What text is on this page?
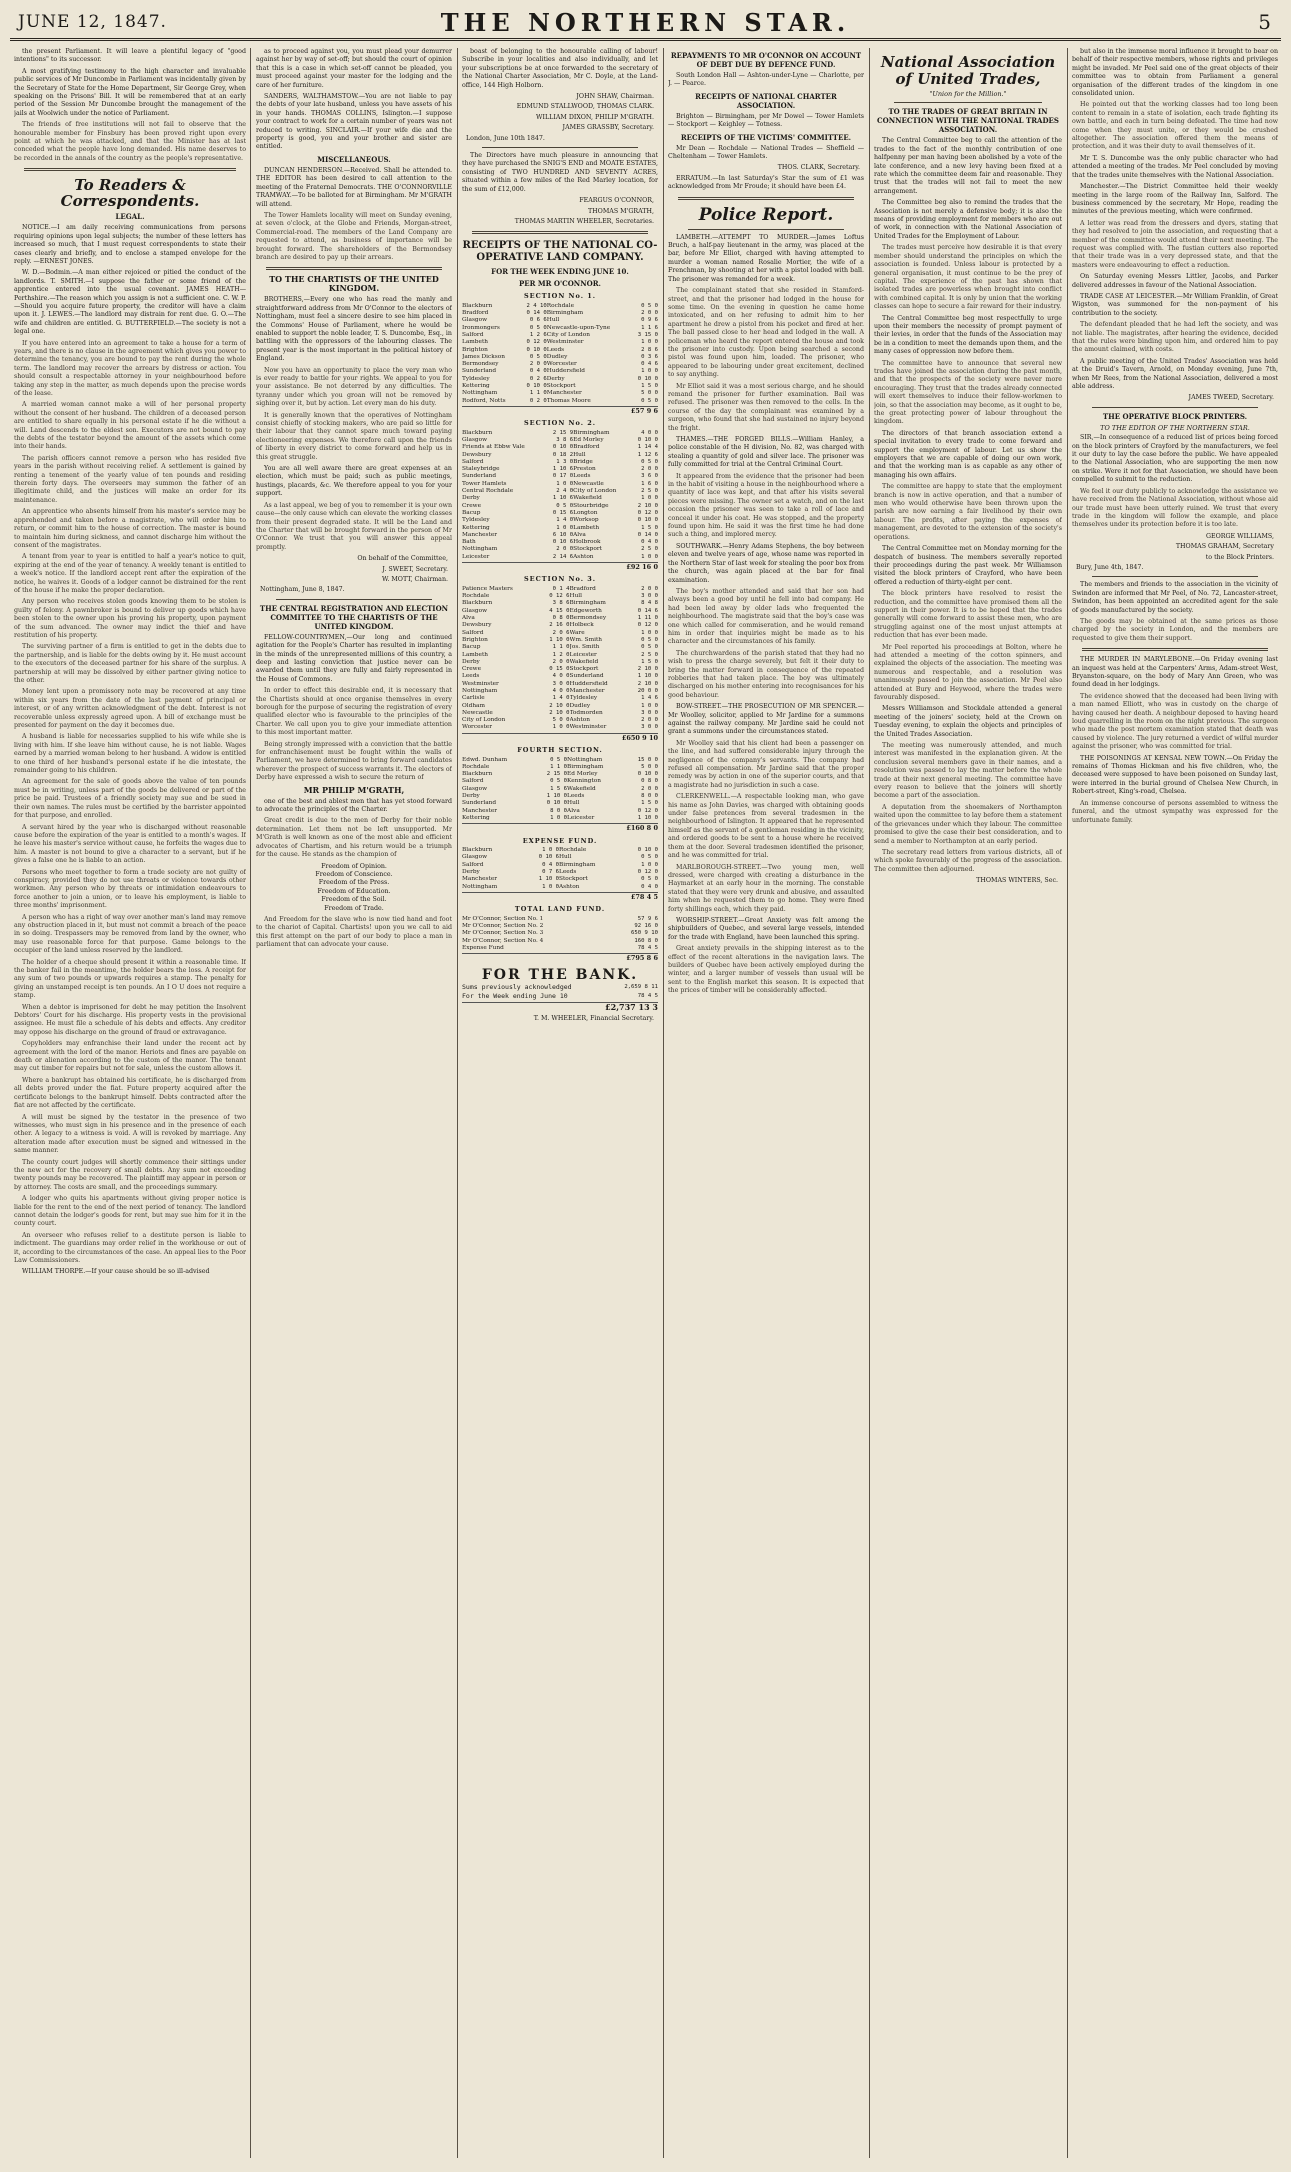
JUNE 12, 1847.	THE NORTHERN STAR.	5

the present Parliament. It will leave a plentiful legacy of "good intentions" to its successor.

A most gratifying testimony to the high character and invaluable public services of Mr Duncombe in Parliament was incidentally given by the Secretary of State for the Home Department, Sir George Grey, when speaking on the Prisons' Bill. It will be remembered that at an early period of the Session Mr Duncombe brought the management of the jails at Woolwich under the notice of Parliament.

The friends of free institutions will not fail to observe that the honourable member for Finsbury has been proved right upon every point at which he was attacked, and that the Minister has at last conceded what the people have long demanded. His name deserves to be recorded in the annals of the country as the people's representative.

To Readers & Correspondents.
LEGAL.

NOTICE.—I am daily receiving communications from persons requiring opinions upon legal subjects; the number of these letters has increased so much, that I must request correspondents to state their cases clearly and briefly, and to enclose a stamped envelope for the reply. —ERNEST JONES.

W. D.—Bodmin.—A man either rejoiced or pitied the conduct of the landlords. T. SMITH.—I suppose the father or some friend of the apprentice entered into the usual covenant. JAMES HEATH—Perthshire.—The reason which you assign is not a sufficient one. C. W. P.—Should you acquire future property, the creditor will have a claim upon it. J. LEWES.—The landlord may distrain for rent due. G. O.—The wife and children are entitled. G. BUTTERFIELD.—The society is not a legal one.

If you have entered into an agreement to take a house for a term of years, and there is no clause in the agreement which gives you power to determine the tenancy, you are bound to pay the rent during the whole term. The landlord may recover the arrears by distress or action. You should consult a respectable attorney in your neighbourhood before taking any step in the matter, as much depends upon the precise words of the lease.

A married woman cannot make a will of her personal property without the consent of her husband. The children of a deceased person are entitled to share equally in his personal estate if he die without a will. Land descends to the eldest son. Executors are not bound to pay the debts of the testator beyond the amount of the assets which come into their hands.

The parish officers cannot remove a person who has resided five years in the parish without receiving relief. A settlement is gained by renting a tenement of the yearly value of ten pounds and residing therein forty days. The overseers may summon the father of an illegitimate child, and the justices will make an order for its maintenance.

An apprentice who absents himself from his master's service may be apprehended and taken before a magistrate, who will order him to return, or commit him to the house of correction. The master is bound to maintain him during sickness, and cannot discharge him without the consent of the magistrates.

A tenant from year to year is entitled to half a year's notice to quit, expiring at the end of the year of tenancy. A weekly tenant is entitled to a week's notice. If the landlord accept rent after the expiration of the notice, he waives it. Goods of a lodger cannot be distrained for the rent of the house if he make the proper declaration.

Any person who receives stolen goods knowing them to be stolen is guilty of felony. A pawnbroker is bound to deliver up goods which have been stolen to the owner upon his proving his property, upon payment of the sum advanced. The owner may indict the thief and have restitution of his property.

The surviving partner of a firm is entitled to get in the debts due to the partnership, and is liable for the debts owing by it. He must account to the executors of the deceased partner for his share of the surplus. A partnership at will may be dissolved by either partner giving notice to the other.

Money lent upon a promissory note may be recovered at any time within six years from the date of the last payment of principal or interest, or of any written acknowledgment of the debt. Interest is not recoverable unless expressly agreed upon. A bill of exchange must be presented for payment on the day it becomes due.

A husband is liable for necessaries supplied to his wife while she is living with him. If she leave him without cause, he is not liable. Wages earned by a married woman belong to her husband. A widow is entitled to one third of her husband's personal estate if he die intestate, the remainder going to his children.

An agreement for the sale of goods above the value of ten pounds must be in writing, unless part of the goods be delivered or part of the price be paid. Trustees of a friendly society may sue and be sued in their own names. The rules must be certified by the barrister appointed for that purpose, and enrolled.

A servant hired by the year who is discharged without reasonable cause before the expiration of the year is entitled to a month's wages. If he leave his master's service without cause, he forfeits the wages due to him. A master is not bound to give a character to a servant, but if he gives a false one he is liable to an action.

Persons who meet together to form a trade society are not guilty of conspiracy, provided they do not use threats or violence towards other workmen. Any person who by threats or intimidation endeavours to force another to join a union, or to leave his employment, is liable to three months' imprisonment.

A person who has a right of way over another man's land may remove any obstruction placed in it, but must not commit a breach of the peace in so doing. Trespassers may be removed from land by the owner, who may use reasonable force for that purpose. Game belongs to the occupier of the land unless reserved by the landlord.

The holder of a cheque should present it within a reasonable time. If the banker fail in the meantime, the holder bears the loss. A receipt for any sum of two pounds or upwards requires a stamp. The penalty for giving an unstamped receipt is ten pounds. An I O U does not require a stamp.

When a debtor is imprisoned for debt he may petition the Insolvent Debtors' Court for his discharge. His property vests in the provisional assignee. He must file a schedule of his debts and effects. Any creditor may oppose his discharge on the ground of fraud or extravagance.

Copyholders may enfranchise their land under the recent act by agreement with the lord of the manor. Heriots and fines are payable on death or alienation according to the custom of the manor. The tenant may cut timber for repairs but not for sale, unless the custom allows it.

Where a bankrupt has obtained his certificate, he is discharged from all debts proved under the fiat. Future property acquired after the certificate belongs to the bankrupt himself. Debts contracted after the fiat are not affected by the certificate.

A will must be signed by the testator in the presence of two witnesses, who must sign in his presence and in the presence of each other. A legacy to a witness is void. A will is revoked by marriage. Any alteration made after execution must be signed and witnessed in the same manner.

The county court judges will shortly commence their sittings under the new act for the recovery of small debts. Any sum not exceeding twenty pounds may be recovered. The plaintiff may appear in person or by attorney. The costs are small, and the proceedings summary.

A lodger who quits his apartments without giving proper notice is liable for the rent to the end of the next period of tenancy. The landlord cannot detain the lodger's goods for rent, but may sue him for it in the county court.

An overseer who refuses relief to a destitute person is liable to indictment. The guardians may order relief in the workhouse or out of it, according to the circumstances of the case. An appeal lies to the Poor Law Commissioners.

WILLIAM THORPE.—If your cause should be so ill-advised

as to proceed against you, you must plead your demurrer against her by way of set-off; but should the court of opinion that this is a case in which set-off cannot be pleaded, you must proceed against your master for the lodging and the care of her furniture.

SANDERS, WALTHAMSTOW.—You are not liable to pay the debts of your late husband, unless you have assets of his in your hands. THOMAS COLLINS, Islington.—I suppose your contract to work for a certain number of years was not reduced to writing. SINCLAIR.—If your wife die and the property is good, you and your brother and sister are entitled.

MISCELLANEOUS.

DUNCAN HENDERSON.—Received. Shall be attended to. THE EDITOR has been desired to call attention to the meeting of the Fraternal Democrats. THE O'CONNORVILLE TRAMWAY.—To be balloted for at Birmingham. Mr M'GRATH will attend.

The Tower Hamlets locality will meet on Sunday evening, at seven o'clock, at the Globe and Friends, Morgan-street, Commercial-road. The members of the Land Company are requested to attend, as business of importance will be brought forward. The shareholders of the Bermondsey branch are desired to pay up their arrears.

TO THE CHARTISTS OF THE UNITED KINGDOM.

BROTHERS,—Every one who has read the manly and straightforward address from Mr O'Connor to the electors of Nottingham, must feel a sincere desire to see him placed in the Commons' House of Parliament, where he would be enabled to support the noble leader, T. S. Duncombe, Esq., in battling with the oppressors of the labouring classes. The present year is the most important in the political history of England.

Now you have an opportunity to place the very man who is ever ready to battle for your rights. We appeal to you for your assistance. Be not deterred by any difficulties. The tyranny under which you groan will not be removed by sighing over it, but by action. Let every man do his duty.

It is generally known that the operatives of Nottingham consist chiefly of stocking makers, who are paid so little for their labour that they cannot spare much toward paying electioneering expenses. We therefore call upon the friends of liberty in every district to come forward and help us in this great struggle.

You are all well aware there are great expenses at an election, which must be paid; such as public meetings, hustings, placards, &c. We therefore appeal to you for your support.

As a last appeal, we beg of you to remember it is your own cause—the only cause which can elevate the working classes from their present degraded state. It will be the Land and the Charter that will be brought forward in the person of Mr O'Connor. We trust that you will answer this appeal promptly.

On behalf of the Committee,
J. SWEET, Secretary.
W. MOTT, Chairman.
Nottingham, June 8, 1847.
THE CENTRAL REGISTRATION AND ELECTION COMMITTEE TO THE CHARTISTS OF THE UNITED KINGDOM.

FELLOW-COUNTRYMEN,—Our long and continued agitation for the People's Charter has resulted in implanting in the minds of the unrepresented millions of this country, a deep and lasting conviction that justice never can be awarded them until they are fully and fairly represented in the House of Commons.

In order to effect this desirable end, it is necessary that the Chartists should at once organise themselves in every borough for the purpose of securing the registration of every qualified elector who is favourable to the principles of the Charter. We call upon you to give your immediate attention to this most important matter.

Being strongly impressed with a conviction that the battle for enfranchisement must be fought within the walls of Parliament, we have determined to bring forward candidates wherever the prospect of success warrants it. The electors of Derby have expressed a wish to secure the return of

MR PHILIP M'GRATH,

one of the best and ablest men that has yet stood forward to advocate the principles of the Charter.

Great credit is due to the men of Derby for their noble determination. Let them not be left unsupported. Mr M'Grath is well known as one of the most able and efficient advocates of Chartism, and his return would be a triumph for the cause. He stands as the champion of

Freedom of Opinion.
Freedom of Conscience.
Freedom of the Press.
Freedom of Education.
Freedom of the Soil.
Freedom of Trade.

And Freedom for the slave who is now tied hand and foot to the chariot of Capital. Chartists! upon you we call to aid this first attempt on the part of our body to place a man in parliament that can advocate your cause.

boast of belonging to the honourable calling of labour! Subscribe in your localities and also individually, and let your subscriptions be at once forwarded to the secretary of the National Charter Association, Mr C. Doyle, at the Land-office, 144 High Holborn.

JOHN SHAW, Chairman.
EDMUND STALLWOOD, THOMAS CLARK.
WILLIAM DIXON, PHILIP M'GRATH.
JAMES GRASSBY, Secretary.
London, June 10th 1847.

The Directors have much pleasure in announcing that they have purchased the SNIG'S END and MOATE ESTATES, consisting of TWO HUNDRED AND SEVENTY ACRES, situated within a few miles of the Red Marley location, for the sum of £12,000.

FEARGUS O'CONNOR,
THOMAS M'GRATH,
THOMAS MARTIN WHEELER, Secretaries.
RECEIPTS OF THE NATIONAL CO-OPERATIVE LAND COMPANY.
FOR THE WEEK ENDING JUNE 10.
PER MR O'CONNOR.
SECTION No. 1.
Blackburn	2 4 10	Rochdale	0 5 0
Bradford	0 14 0	Birmingham	2 0 0
Glasgow	0 6 6	Hull	0 9 6
Ironmongers	0 5 0	Newcastle-upon-Tyne	1 1 6
Salford	1 2 6	City of London	3 15 0
Lambeth	0 12 0	Westminster	1 0 0
Brighton	0 10 0	Leeds	2 8 6
James Dickson	0 5 0	Dudley	0 3 6
Bermondsey	2 0 0	Worcester	0 4 6
Sunderland	0 4 0	Huddersfield	1 0 0
Tyldesley	0 2 6	Derby	0 10 0
Kettering	0 10 0	Stockport	1 5 0
Nottingham	1 1 0	Manchester	5 0 0
Rodford, Notts	0 2 0	Thomas Moore	0 5 0
£57 9 6
SECTION No. 2.
Blackburn	2 15 9	Birmingham	4 0 0
Glasgow	3 8 6	Ed Morley	0 10 0
Friends at Ebbw Vale	0 10 0	Bradford	1 14 4
Dewsbury	0 18 2	Hull	1 12 6
Salford	1 3 0	Bridge	0 5 0
Staleybridge	1 10 6	Preston	2 0 0
Sunderland	0 17 0	Leeds	3 6 0
Tower Hamlets	1 0 0	Newcastle	1 6 0
Central Rochdale	2 4 0	City of London	2 5 0
Derby	1 10 6	Wakefield	1 0 0
Crewe	0 5 0	Stourbridge	2 10 0
Bacup	0 15 6	Longton	0 12 0
Tyldesley	1 4 0	Worksop	0 10 0
Kettering	1 0 0	Lambeth	1 5 0
Manchester	6 10 0	Alva	0 14 0
Bath	0 10 6	Holbrook	0 4 0
Nottingham	2 0 0	Stockport	2 5 0
Leicester	2 14 6	Ashton	1 0 0
£92 16 0
SECTION No. 3.
Patience Masters	0 1 4	Bradford	2 0 0
Rochdale	0 12 6	Hull	3 0 0
Blackburn	3 8 6	Birmingham	8 4 8
Glasgow	4 15 0	Edgeworth	0 14 6
Alva	0 8 0	Bermondsey	1 11 0
Dewsbury	2 16 0	Holbeck	0 12 0
Salford	2 0 6	Ware	1 0 0
Brighton	1 10 0	Wm. Smith	0 5 0
Bacup	1 1 0	Jos. Smith	0 5 0
Lambeth	1 2 0	Leicester	2 5 0
Derby	2 0 0	Wakefield	1 5 0
Crewe	0 15 0	Stockport	2 10 0
Leeds	4 0 0	Sunderland	1 10 0
Westminster	3 0 0	Huddersfield	2 10 0
Nottingham	4 0 0	Manchester	20 0 0
Carlisle	1 4 0	Tyldesley	1 4 6
Oldham	2 10 0	Dudley	1 0 0
Newcastle	2 10 0	Todmorden	3 0 0
City of London	5 0 0	Ashton	2 0 0
Worcester	1 0 0	Westminster	3 0 0
£650 9 10
FOURTH SECTION.
Edwd. Dunham	0 5 0	Nottingham	15 0 0
Rochdale	1 1 0	Birmingham	5 0 0
Blackburn	2 15 0	Ed Morley	0 10 0
Salford	0 5 0	Kennington	0 8 0
Glasgow	1 5 6	Wakefield	2 0 0
Derby	1 10 0	Leeds	8 0 0
Sunderland	0 10 0	Hull	1 5 0
Manchester	8 0 0	Alva	0 12 0
Kettering	1 0 0	Leicester	1 10 0
£160 8 0
EXPENSE FUND.
Blackburn	1 0 0	Rochdale	0 10 0
Glasgow	0 10 6	Hull	0 5 0
Salford	0 4 0	Birmingham	1 0 0
Derby	0 7 6	Leeds	0 12 0
Manchester	1 10 0	Stockport	0 5 0
Nottingham	1 0 0	Ashton	0 4 0
£78 4 5
TOTAL LAND FUND.
Mr O'Connor, Section No. 1	57 9 6
Mr O'Connor, Section No. 2	92 16 0
Mr O'Connor, Section No. 3	650 9 10
Mr O'Connor, Section No. 4	160 8 0
Expense Fund	78 4 5
£795 8 6
FOR THE BANK.
Sums previously acknowledged	2,659 8 11
For the Week ending June 10	78 4 5
£2,737 13 3
T. M. WHEELER, Financial Secretary.
REPAYMENTS TO MR O'CONNOR ON ACCOUNT OF DEBT DUE BY DEFENCE FUND.

South London Hall — Ashton-under-Lyne — Charlotte, per J. — Pearce.

RECEIPTS OF NATIONAL CHARTER ASSOCIATION.

Brighton — Birmingham, per Mr Dowel — Tower Hamlets — Stockport — Keighley — Totness.

RECEIPTS OF THE VICTIMS' COMMITTEE.

Mr Dean — Rochdale — National Trades — Sheffield — Cheltenham — Tower Hamlets.

THOS. CLARK, Secretary.

ERRATUM.—In last Saturday's Star the sum of £1 was acknowledged from Mr Froude; it should have been £4.

Police Report.

LAMBETH.—ATTEMPT TO MURDER.—James Loftus Bruch, a half-pay lieutenant in the army, was placed at the bar, before Mr Elliot, charged with having attempted to murder a woman named Rosalie Mortier, the wife of a Frenchman, by shooting at her with a pistol loaded with ball. The prisoner was remanded for a week.

The complainant stated that she resided in Stamford-street, and that the prisoner had lodged in the house for some time. On the evening in question he came home intoxicated, and on her refusing to admit him to her apartment he drew a pistol from his pocket and fired at her. The ball passed close to her head and lodged in the wall. A policeman who heard the report entered the house and took the prisoner into custody. Upon being searched a second pistol was found upon him, loaded. The prisoner, who appeared to be labouring under great excitement, declined to say anything.

Mr Elliot said it was a most serious charge, and he should remand the prisoner for further examination. Bail was refused. The prisoner was then removed to the cells. In the course of the day the complainant was examined by a surgeon, who found that she had sustained no injury beyond the fright.

THAMES.—THE FORGED BILLS.—William Hanley, a police constable of the H division, No. 82, was charged with stealing a quantity of gold and silver lace. The prisoner was fully committed for trial at the Central Criminal Court.

It appeared from the evidence that the prisoner had been in the habit of visiting a house in the neighbourhood where a quantity of lace was kept, and that after his visits several pieces were missing. The owner set a watch, and on the last occasion the prisoner was seen to take a roll of lace and conceal it under his coat. He was stopped, and the property found upon him. He said it was the first time he had done such a thing, and implored mercy.

SOUTHWARK.—Henry Adams Stephens, the boy between eleven and twelve years of age, whose name was reported in the Northern Star of last week for stealing the poor box from the church, was again placed at the bar for final examination.

The boy's mother attended and said that her son had always been a good boy until he fell into bad company. He had been led away by older lads who frequented the neighbourhood. The magistrate said that the boy's case was one which called for commiseration, and he would remand him in order that inquiries might be made as to his character and the circumstances of his family.

The churchwardens of the parish stated that they had no wish to press the charge severely, but felt it their duty to bring the matter forward in consequence of the repeated robberies that had taken place. The boy was ultimately discharged on his mother entering into recognisances for his good behaviour.

BOW-STREET.—THE PROSECUTION OF MR SPENCER.—Mr Woolley, solicitor, applied to Mr Jardine for a summons against the railway company. Mr Jardine said he could not grant a summons under the circumstances stated.

Mr Woolley said that his client had been a passenger on the line, and had suffered considerable injury through the negligence of the company's servants. The company had refused all compensation. Mr Jardine said that the proper remedy was by action in one of the superior courts, and that a magistrate had no jurisdiction in such a case.

CLERKENWELL.—A respectable looking man, who gave his name as John Davies, was charged with obtaining goods under false pretences from several tradesmen in the neighbourhood of Islington. It appeared that he represented himself as the servant of a gentleman residing in the vicinity, and ordered goods to be sent to a house where he received them at the door. Several tradesmen identified the prisoner, and he was committed for trial.

MARLBOROUGH-STREET.—Two young men, well dressed, were charged with creating a disturbance in the Haymarket at an early hour in the morning. The constable stated that they were very drunk and abusive, and assaulted him when he requested them to go home. They were fined forty shillings each, which they paid.

WORSHIP-STREET.—Great Anxiety was felt among the shipbuilders of Quebec, and several large vessels, intended for the trade with England, have been launched this spring.

Great anxiety prevails in the shipping interest as to the effect of the recent alterations in the navigation laws. The builders of Quebec have been actively employed during the winter, and a larger number of vessels than usual will be sent to the English market this season. It is expected that the prices of timber will be considerably affected.

National Association of United Trades,
"Union for the Million."
TO THE TRADES OF GREAT BRITAIN IN CONNECTION WITH THE NATIONAL TRADES ASSOCIATION.

The Central Committee beg to call the attention of the trades to the fact of the monthly contribution of one halfpenny per man having been abolished by a vote of the late conference, and a new levy having been fixed at a rate which the committee deem fair and reasonable. They trust that the trades will not fail to meet the new arrangement.

The Committee beg also to remind the trades that the Association is not merely a defensive body; it is also the means of providing employment for members who are out of work, in connection with the National Association of United Trades for the Employment of Labour.

The trades must perceive how desirable it is that every member should understand the principles on which the association is founded. Unless labour is protected by a general organisation, it must continue to be the prey of capital. The experience of the past has shown that isolated trades are powerless when brought into conflict with combined capital. It is only by union that the working classes can hope to secure a fair reward for their industry.

The Central Committee beg most respectfully to urge upon their members the necessity of prompt payment of their levies, in order that the funds of the Association may be in a condition to meet the demands upon them, and the many cases of oppression now before them.

The committee have to announce that several new trades have joined the association during the past month, and that the prospects of the society were never more encouraging. They trust that the trades already connected will exert themselves to induce their fellow-workmen to join, so that the association may become, as it ought to be, the great protecting power of labour throughout the kingdom.

The directors of that branch association extend a special invitation to every trade to come forward and support the employment of labour. Let us show the employers that we are capable of doing our own work, and that the working man is as capable as any other of managing his own affairs.

The committee are happy to state that the employment branch is now in active operation, and that a number of men who would otherwise have been thrown upon the parish are now earning a fair livelihood by their own labour. The profits, after paying the expenses of management, are devoted to the extension of the society's operations.

The Central Committee met on Monday morning for the despatch of business. The members severally reported their proceedings during the past week. Mr Williamson visited the block printers of Crayford, who have been offered a reduction of thirty-eight per cent.

The block printers have resolved to resist the reduction, and the committee have promised them all the support in their power. It is to be hoped that the trades generally will come forward to assist these men, who are struggling against one of the most unjust attempts at reduction that has ever been made.

Mr Peel reported his proceedings at Bolton, where he had attended a meeting of the cotton spinners, and explained the objects of the association. The meeting was numerous and respectable, and a resolution was unanimously passed to join the association. Mr Peel also attended at Bury and Heywood, where the trades were favourably disposed.

Messrs Williamson and Stockdale attended a general meeting of the joiners' society, held at the Crown on Tuesday evening, to explain the objects and principles of the United Trades Association.

The meeting was numerously attended, and much interest was manifested in the explanation given. At the conclusion several members gave in their names, and a resolution was passed to lay the matter before the whole trade at their next general meeting. The committee have every reason to believe that the joiners will shortly become a part of the association.

A deputation from the shoemakers of Northampton waited upon the committee to lay before them a statement of the grievances under which they labour. The committee promised to give the case their best consideration, and to send a member to Northampton at an early period.

The secretary read letters from various districts, all of which spoke favourably of the progress of the association. The committee then adjourned.

THOMAS WINTERS, Sec.

but also in the immense moral influence it brought to bear on behalf of their respective members, whose rights and privileges might be invaded. Mr Peel said one of the great objects of their committee was to obtain from Parliament a general organisation of the different trades of the kingdom in one consolidated union.

He pointed out that the working classes had too long been content to remain in a state of isolation, each trade fighting its own battle, and each in turn being defeated. The time had now come when they must unite, or they would be crushed altogether. The association offered them the means of protection, and it was their duty to avail themselves of it.

Mr T. S. Duncombe was the only public character who had attended a meeting of the trades. Mr Peel concluded by moving that the trades unite themselves with the National Association.

Manchester.—The District Committee held their weekly meeting in the large room of the Railway Inn, Salford. The business commenced by the secretary, Mr Hope, reading the minutes of the previous meeting, which were confirmed.

A letter was read from the dressers and dyers, stating that they had resolved to join the association, and requesting that a member of the committee would attend their next meeting. The request was complied with. The fustian cutters also reported that their trade was in a very depressed state, and that the masters were endeavouring to effect a reduction.

On Saturday evening Messrs Littler, Jacobs, and Parker delivered addresses in favour of the National Association.

TRADE CASE AT LEICESTER.—Mr William Franklin, of Great Wigston, was summoned for the non-payment of his contribution to the society.

The defendant pleaded that he had left the society, and was not liable. The magistrates, after hearing the evidence, decided that the rules were binding upon him, and ordered him to pay the amount claimed, with costs.

A public meeting of the United Trades' Association was held at the Druid's Tavern, Arnold, on Monday evening, June 7th, when Mr Rees, from the National Association, delivered a most able address.

JAMES TWEED, Secretary.
THE OPERATIVE BLOCK PRINTERS.
TO THE EDITOR OF THE NORTHERN STAR.

SIR,—In consequence of a reduced list of prices being forced on the block printers of Crayford by the manufacturers, we feel it our duty to lay the case before the public. We have appealed to the National Association, who are supporting the men now on strike. Were it not for that Association, we should have been compelled to submit to the reduction.

We feel it our duty publicly to acknowledge the assistance we have received from the National Association, without whose aid our trade must have been utterly ruined. We trust that every trade in the kingdom will follow the example, and place themselves under its protection before it is too late.

GEORGE WILLIAMS,
THOMAS GRAHAM, Secretary
to the Block Printers.
Bury, June 4th, 1847.

The members and friends to the association in the vicinity of Swindon are informed that Mr Peel, of No. 72, Lancaster-street, Swindon, has been appointed an accredited agent for the sale of goods manufactured by the society.

The goods may be obtained at the same prices as those charged by the society in London, and the members are requested to give them their support.

THE MURDER IN MARYLEBONE.—On Friday evening last an inquest was held at the Carpenters' Arms, Adam-street West, Bryanston-square, on the body of Mary Ann Green, who was found dead in her lodgings.

The evidence showed that the deceased had been living with a man named Elliott, who was in custody on the charge of having caused her death. A neighbour deposed to having heard loud quarrelling in the room on the night previous. The surgeon who made the post mortem examination stated that death was caused by violence. The jury returned a verdict of wilful murder against the prisoner, who was committed for trial.

THE POISONINGS AT KENSAL NEW TOWN.—On Friday the remains of Thomas Hickman and his five children, who, the deceased were supposed to have been poisoned on Sunday last, were interred in the burial ground of Chelsea New Church, in Robert-street, King's-road, Chelsea.

An immense concourse of persons assembled to witness the funeral, and the utmost sympathy was expressed for the unfortunate family.
